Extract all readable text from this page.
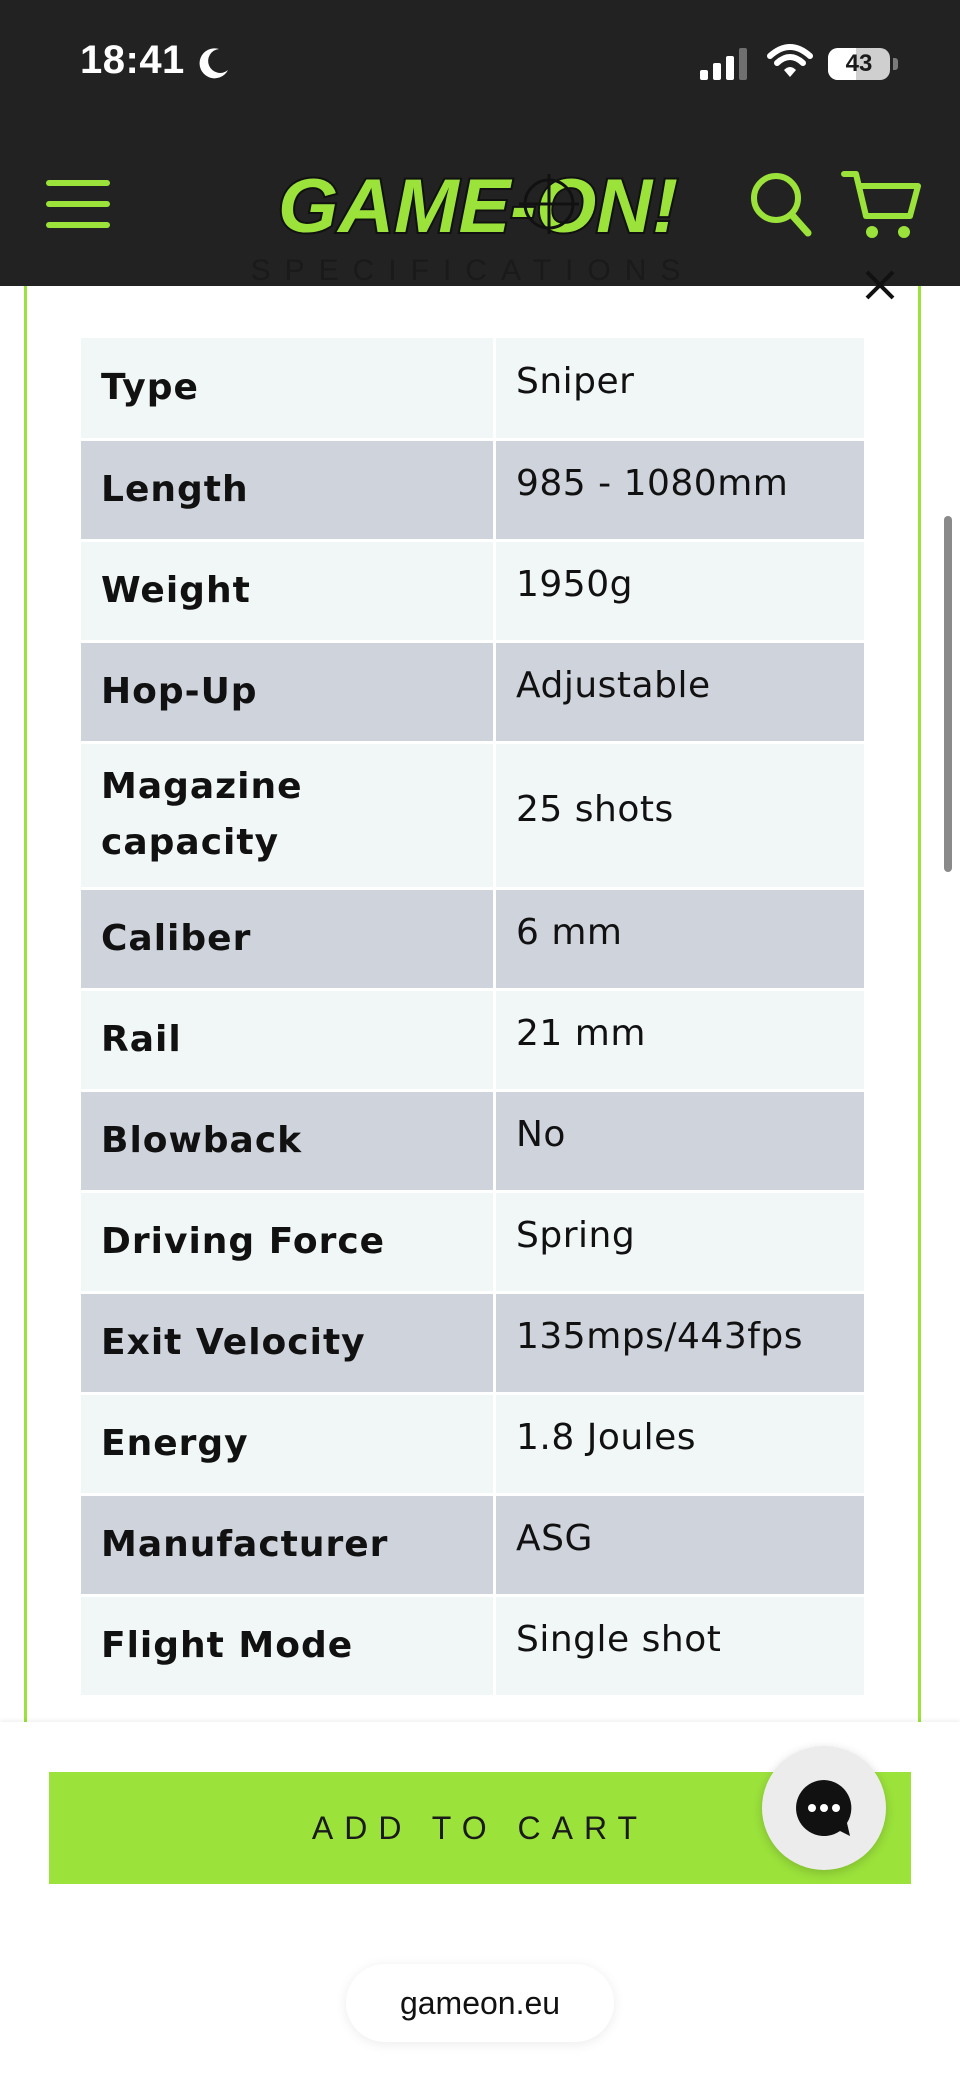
18:41	43
GAME-ON!
SPECIFICATIONS
Type	Sniper
Length	985 - 1080mm
Weight	1950g
Hop-Up	Adjustable
Magazine capacity	25 shots
Caliber	6 mm
Rail	21 mm
Blowback	No
Driving Force	Spring
Exit Velocity	135mps/443fps
Energy	1.8 Joules
Manufacturer	ASG
Flight Mode	Single shot
ADD TO CART
gameon.eu
